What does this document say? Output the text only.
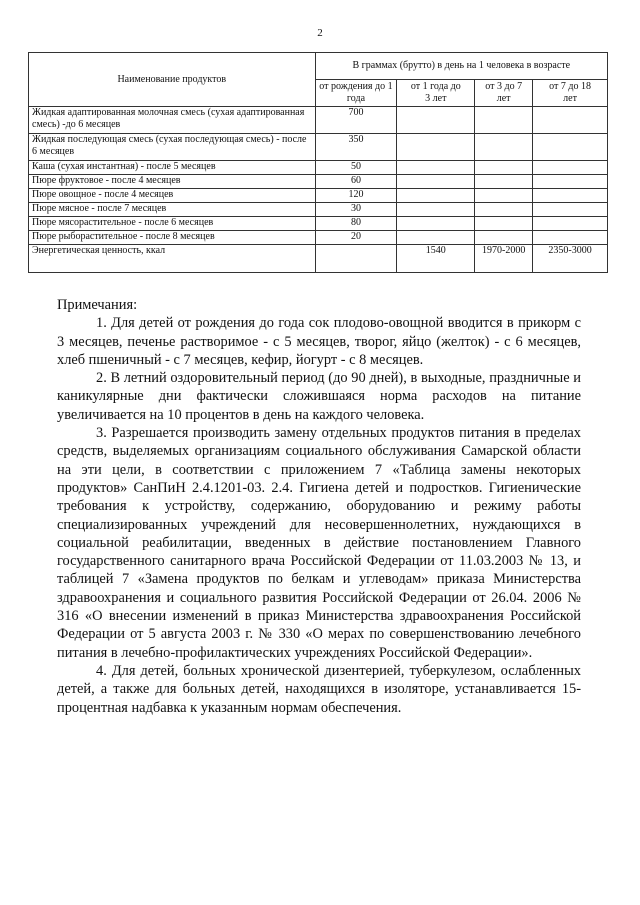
2
Наименование продуктов	В граммах (брутто) в день на 1 человека в возрасте			
	от рождения до 1 года	от 1 года до 3 лет	от 3 до 7 лет	от 7 до 18 лет
Жидкая адаптированная молочная смесь (сухая адаптированная смесь) -до 6 месяцев	700			
Жидкая последующая смесь (сухая последующая смесь) - после 6 месяцев	350			
Каша (сухая инстантная) - после 5 месяцев	50			
Пюре фруктовое - после 4 месяцев	60			
Пюре овощное - после 4 месяцев	120			
Пюре мясное - после 7 месяцев	30			
Пюре мясорастительное - после 6 месяцев	80			
Пюре рыборастительное - после 8 месяцев	20			
Энергетическая ценность, ккал		1540	1970-2000	2350-3000

Примечания:

1. Для детей от рождения до года сок плодово-овощной вводится в прикорм с 3 месяцев, печенье растворимое - с 5 месяцев, творог, яйцо (желток) - с 6 месяцев, хлеб пшеничный - с 7 месяцев, кефир, йогурт - с 8 месяцев.

2. В летний оздоровительный период (до 90 дней), в выходные, праздничные и каникулярные дни фактически сложившаяся норма расходов на питание увеличивается на 10 процентов в день на каждого человека.

3. Разрешается производить замену отдельных продуктов питания в пределах средств, выделяемых организациям социального обслуживания Самарской области на эти цели, в соответствии с приложением 7 «Таблица замены некоторых продуктов» СанПиН 2.4.1201-03. 2.4. Гигиена детей и подростков. Гигиенические требования к устройству, содержанию, оборудованию и режиму работы специализированных учреждений для несовершеннолетних, нуждающихся в социальной реабилитации, введенных в действие постановлением Главного государственного санитарного врача Российской Федерации от 11.03.2003 № 13, и таблицей 7 «Замена продуктов по белкам и углеводам» приказа Министерства здравоохранения и социального развития Российской Федерации от 26.04. 2006 № 316 «О внесении изменений в приказ Министерства здравоохранения Российской Федерации от 5 августа 2003 г. № 330 «О мерах по совершенствованию лечебного питания в лечебно-профилактических учреждениях Российской Федерации».

4. Для детей, больных хронической дизентерией, туберкулезом, ослабленных детей, а также для больных детей, находящихся в изоляторе, устанавливается 15-процентная надбавка к указанным нормам обеспечения.
